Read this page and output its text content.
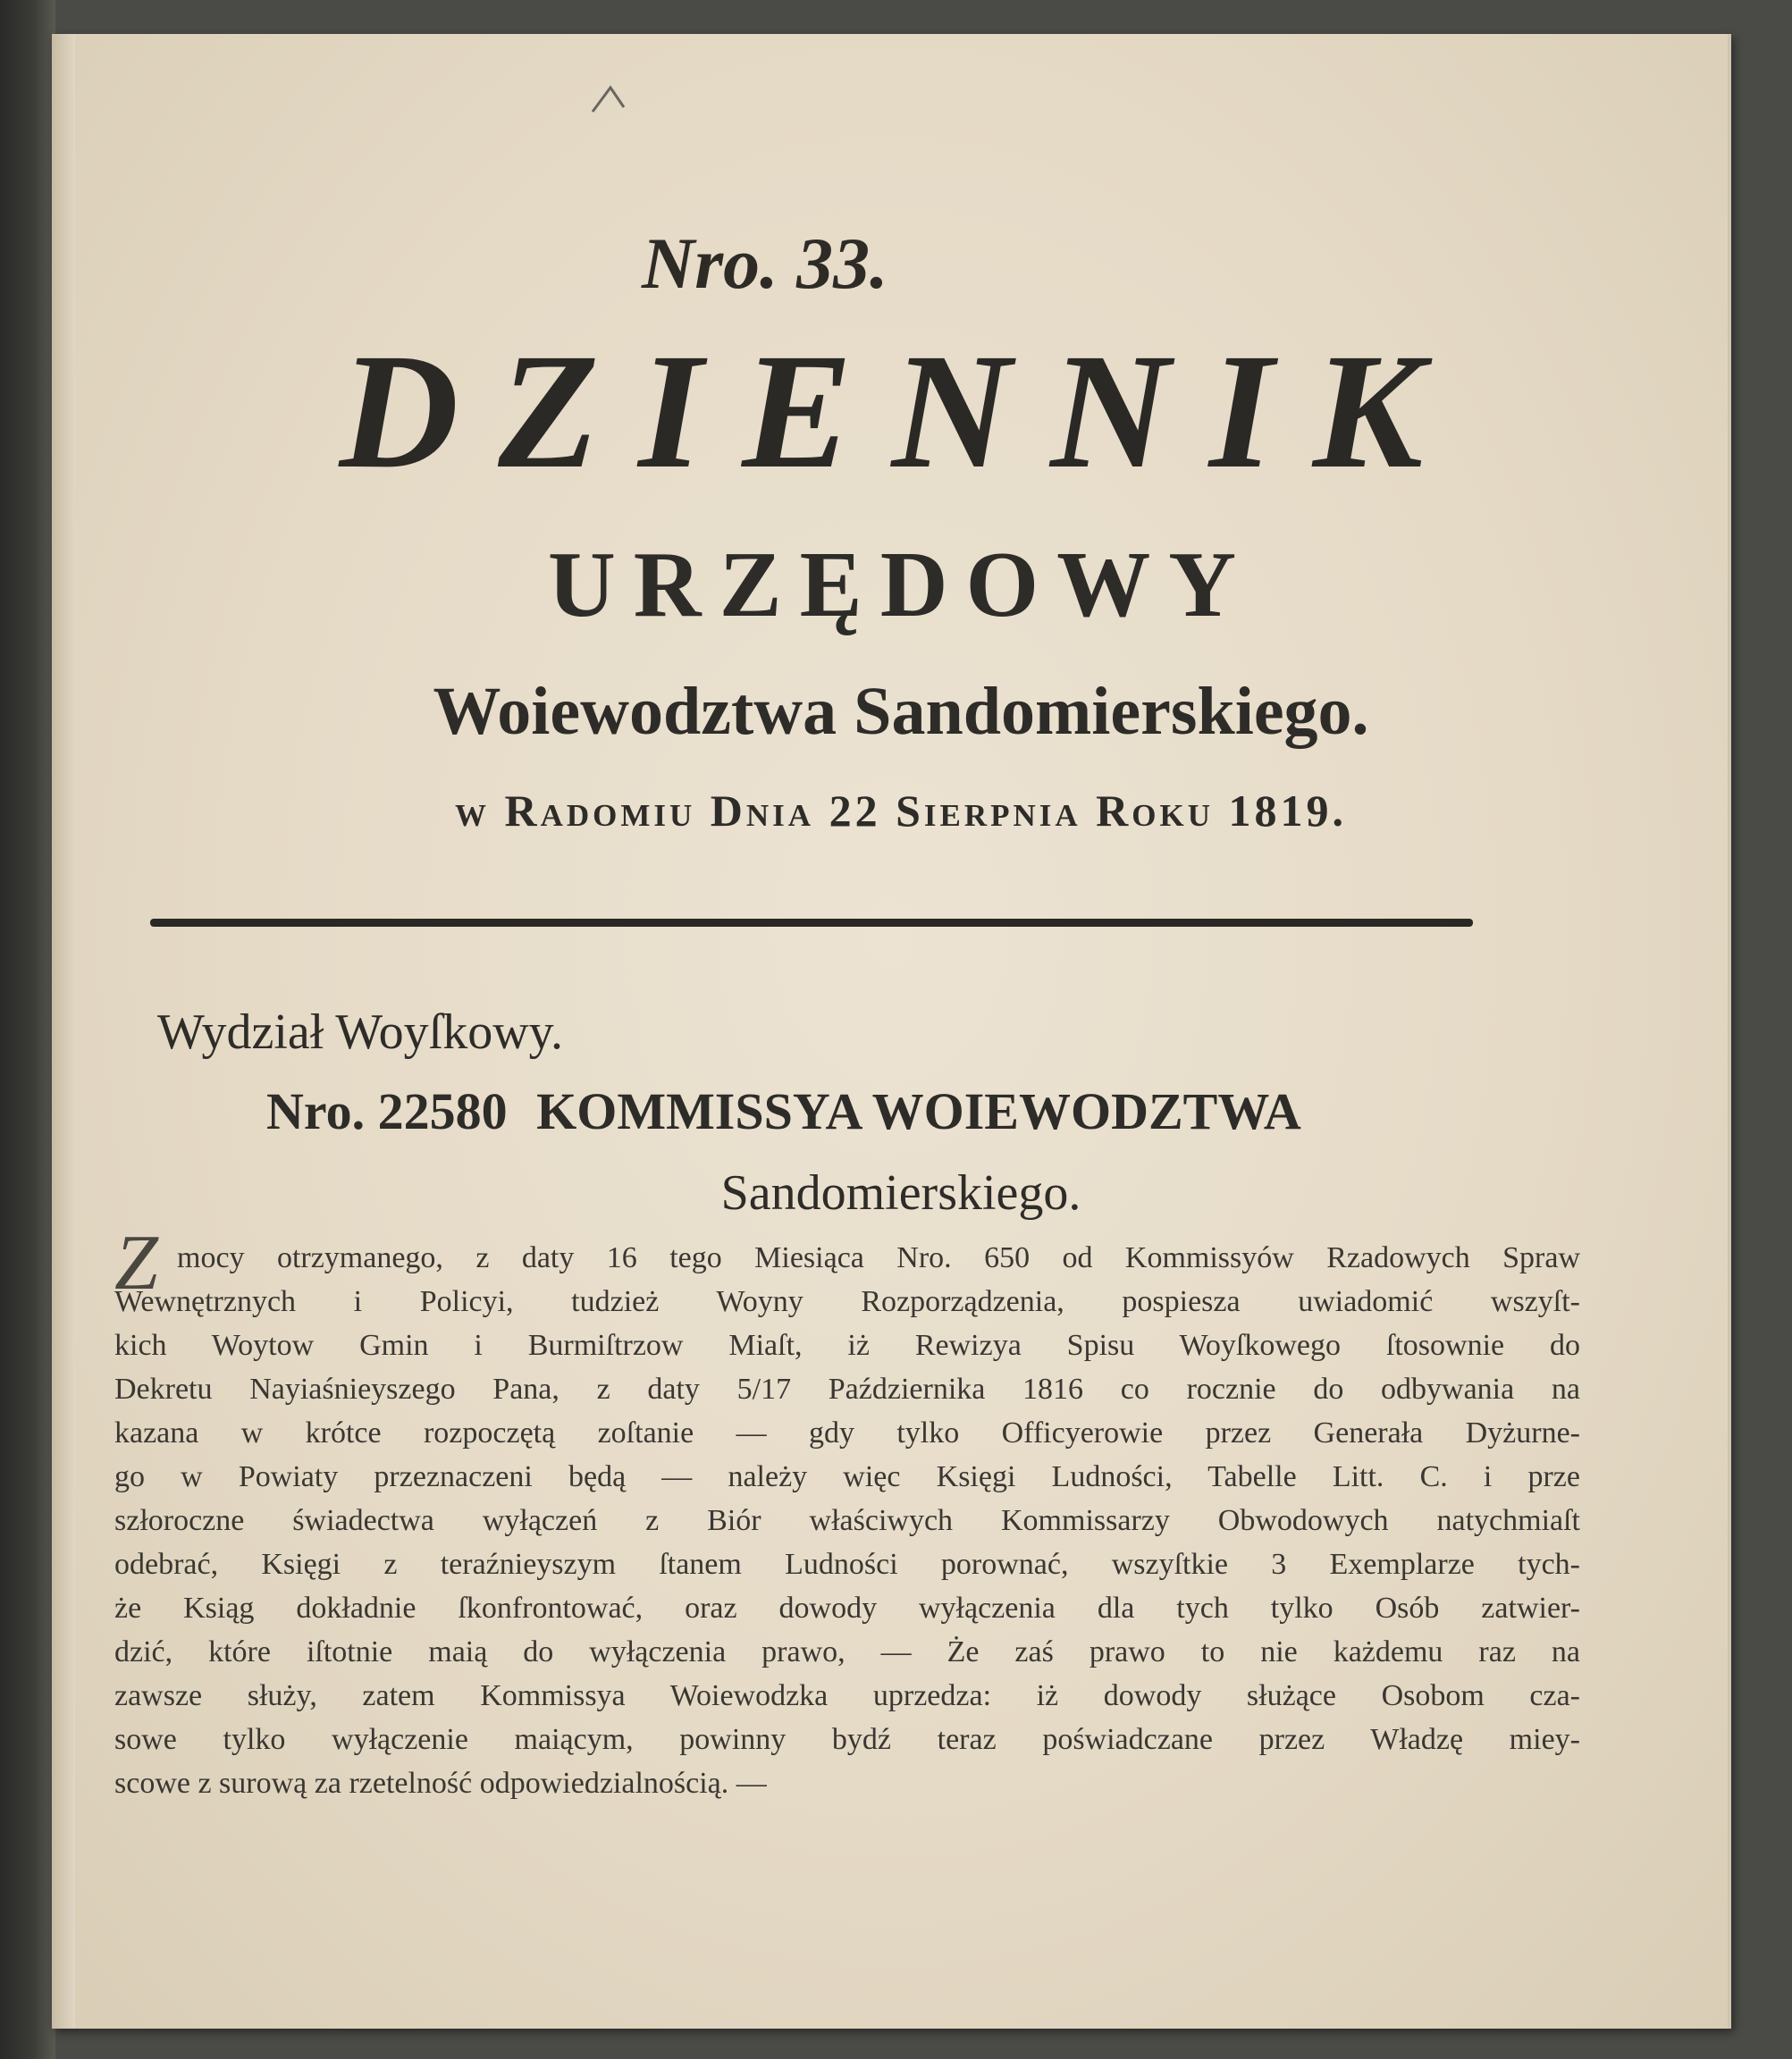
Nro. 33.
DZIENNIK
URZĘDOWY
Woiewodztwa Sandomierskiego.
w Radomiu Dnia 22 Sierpnia Roku 1819.
Wydział Woyſkowy.
Nro. 22580 KOMMISSYA WOIEWODZTWA
Sandomierskiego.
Z mocy otrzymanego, z daty 16 tego Miesiąca Nro. 650 od Kommissyów Rzadowych Spraw
Wewnętrznych i Policyi, tudzież Woyny Rozporządzenia, pospiesza uwiadomić wszyſt-
kich Woytow Gmin i Burmiſtrzow Miaſt, iż Rewizya Spisu Woyſkowego ſtosownie do
Dekretu Nayiaśnieyszego Pana, z daty 5/17 Października 1816 co rocznie do odbywania na
kazana w krótce rozpoczętą zoſtanie — gdy tylko Officyerowie przez Generała Dyżurne-
go w Powiaty przeznaczeni będą — należy więc Księgi Ludności, Tabelle Litt. C. i prze
szłoroczne świadectwa wyłączeń z Biór właściwych Kommissarzy Obwodowych natychmiaſt
odebrać, Księgi z teraźnieyszym ſtanem Ludności porownać, wszyſtkie 3 Exemplarze tych-
że Ksiąg dokładnie ſkonfrontować, oraz dowody wyłączenia dla tych tylko Osób zatwier-
dzić, które iſtotnie maią do wyłączenia prawo, — Że zaś prawo to nie każdemu raz na
zawsze służy, zatem Kommissya Woiewodzka uprzedza: iż dowody służące Osobom cza-
sowe tylko wyłączenie maiącym, powinny bydź teraz poświadczane przez Władzę miey-
scowe z surową za rzetelność odpowiedzialnością. —
